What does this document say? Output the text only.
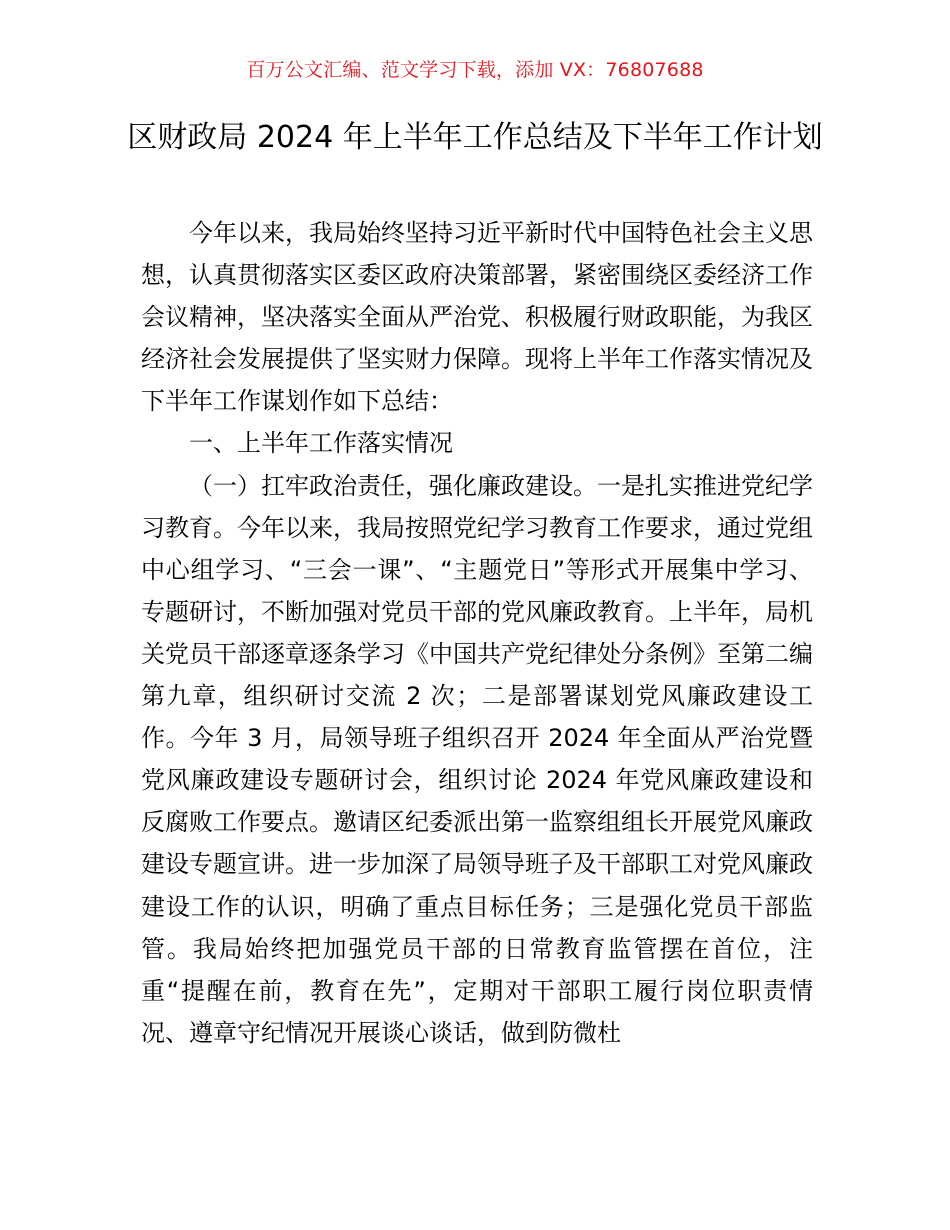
百万公文汇编、范文学习下载，添加 VX：76807688
区财政局 2024 年上半年工作总结及下半年工作计划

今年以来，我局始终坚持习近平新时代中国特色社会主义思想，认真贯彻落实区委区政府决策部署，紧密围绕区委经济工作会议精神，坚决落实全面从严治党、积极履行财政职能，为我区经济社会发展提供了坚实财力保障。现将上半年工作落实情况及下半年工作谋划作如下总结：

一、上半年工作落实情况

（一）扛牢政治责任，强化廉政建设。一是扎实推进党纪学习教育。今年以来，我局按照党纪学习教育工作要求，通过党组中心组学习、“三会一课”、“主题党日”等形式开展集中学习、专题研讨，不断加强对党员干部的党风廉政教育。上半年，局机关党员干部逐章逐条学习《中国共产党纪律处分条例》至第二编第九章，组织研讨交流 2 次；二是部署谋划党风廉政建设工作。今年 3 月，局领导班子组织召开 2024 年全面从严治党暨党风廉政建设专题研讨会，组织讨论 2024 年党风廉政建设和反腐败工作要点。邀请区纪委派出第一监察组组长开展党风廉政建设专题宣讲。进一步加深了局领导班子及干部职工对党风廉政建设工作的认识，明确了重点目标任务；三是强化党员干部监管。我局始终把加强党员干部的日常教育监管摆在首位，注重“提醒在前，教育在先”，定期对干部职工履行岗位职责情况、遵章守纪情况开展谈心谈话，做到防微杜
